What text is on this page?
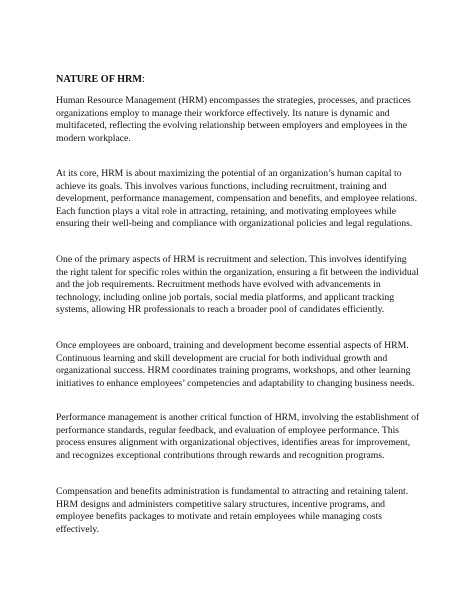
NATURE OF HRM:

Human Resource Management (HRM) encompasses the strategies, processes, and practices organizations employ to manage their workforce effectively. Its nature is dynamic and multifaceted, reflecting the evolving relationship between employers and employees in the modern workplace.

At its core, HRM is about maximizing the potential of an organization’s human capital to achieve its goals. This involves various functions, including recruitment, training and development, performance management, compensation and benefits, and employee relations. Each function plays a vital role in attracting, retaining, and motivating employees while ensuring their well-being and compliance with organizational policies and legal regulations.

One of the primary aspects of HRM is recruitment and selection. This involves identifying the right talent for specific roles within the organization, ensuring a fit between the individual and the job requirements. Recruitment methods have evolved with advancements in technology, including online job portals, social media platforms, and applicant tracking systems, allowing HR professionals to reach a broader pool of candidates efficiently.

Once employees are onboard, training and development become essential aspects of HRM. Continuous learning and skill development are crucial for both individual growth and organizational success. HRM coordinates training programs, workshops, and other learning initiatives to enhance employees’ competencies and adaptability to changing business needs.

Performance management is another critical function of HRM, involving the establishment of performance standards, regular feedback, and evaluation of employee performance. This process ensures alignment with organizational objectives, identifies areas for improvement, and recognizes exceptional contributions through rewards and recognition programs.

Compensation and benefits administration is fundamental to attracting and retaining talent. HRM designs and administers competitive salary structures, incentive programs, and employee benefits packages to motivate and retain employees while managing costs effectively.
